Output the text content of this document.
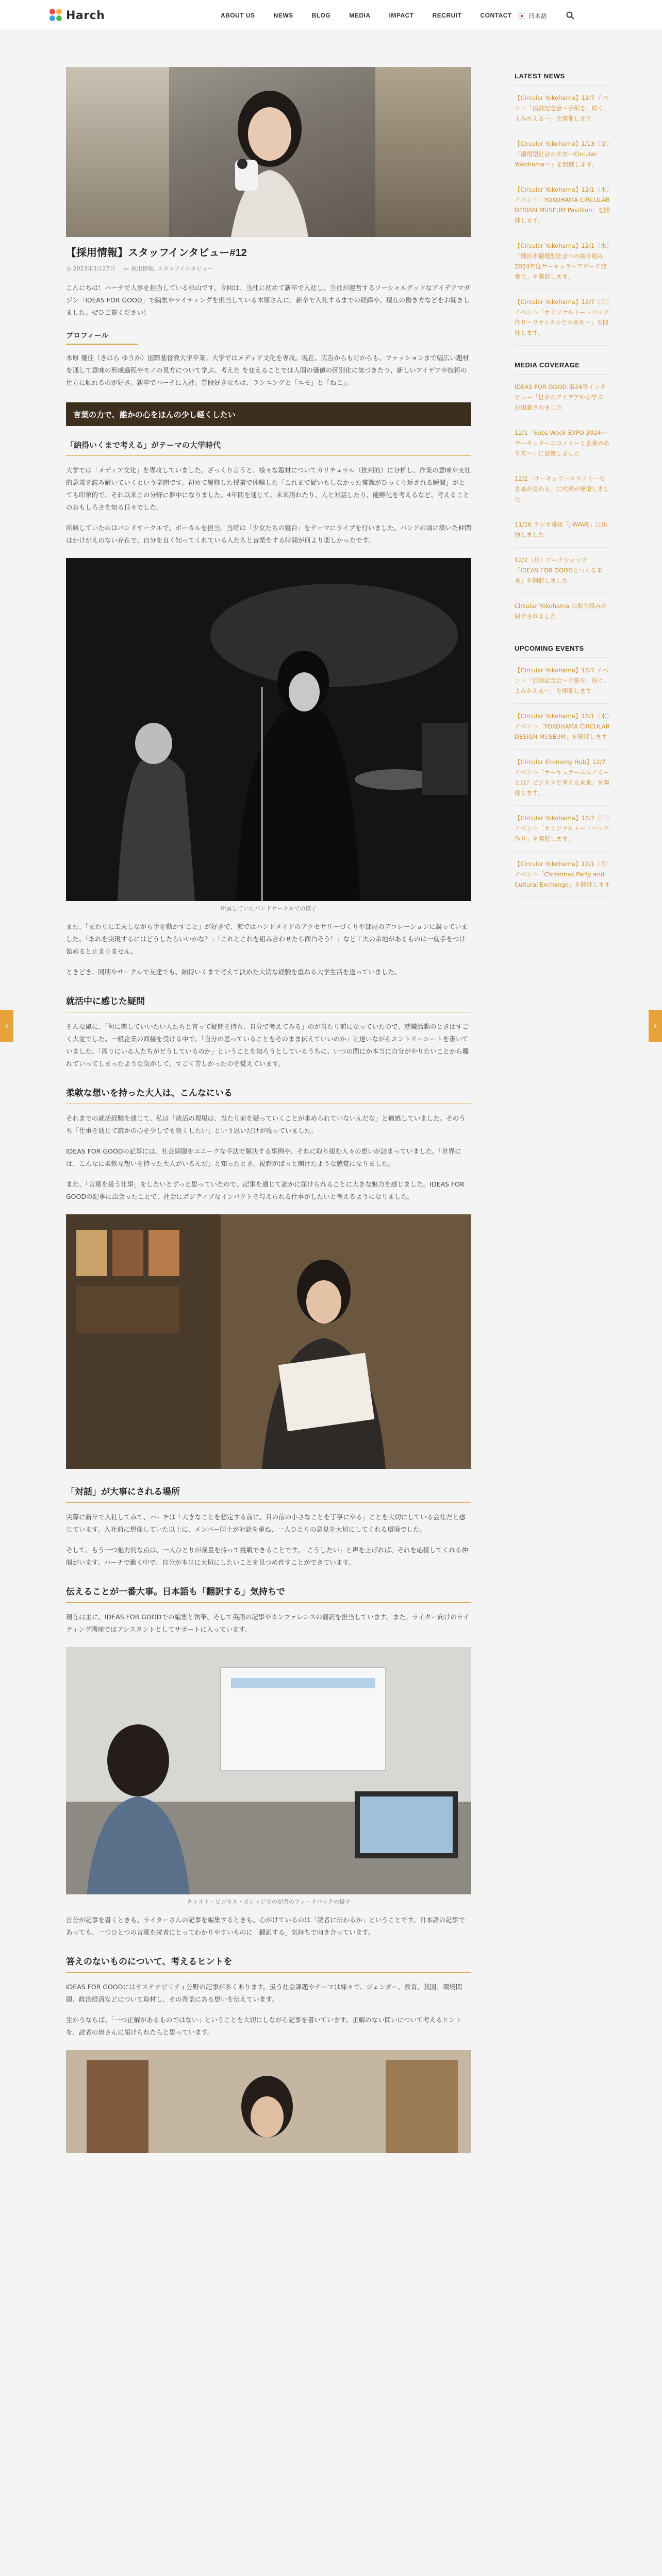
Harch	ABOUT US	NEWS	BLOG	MEDIA	IMPACT	RECRUIT	CONTACT	日本語
‹	›
【採用情報】スタッフインタビュー#12
◷ 2023年3月27日 ▭ 採用情報, スタッフインタビュー

こんにちは！ハーチで人事を担当している杉山です。今回は、当社に初めて新卒で入社し、当社が運営するソーシャルグッドなアイデアマガジン「IDEAS FOR GOOD」で編集やライティングを担当している木原さんに、新卒で入社するまでの経緯や、現在の働き方などをお聞きしました。ぜひご覧ください！

プロフィール

木原 優佳（きはら ゆうか）国際基督教大学卒業。大学ではメディア文化を専攻。現在、広告からも町からも、ファッションまで幅広い題材を通して意味の形成過程やモノの見方について学ぶ。考えた を変えることでは人間の価値の区別化に気づきたり、新しいアイデアや技術の仕方に触れるのが好き。新卒でハーチに入社。普段好きなもは、ランニングと「エモ」と「ねこ」。

言葉の力で、誰かの心をほんの少し軽くしたい
「納得いくまで考える」がテーマの大学時代

大学では「メディア文化」を専攻していました。ざっくり言うと、様々な題材についてカリチュラル（批判的）に分析し、作業の意味や支社的意義を読み解いていくという学問です。初めて履修した授業で体験した「これまで疑いもしなかった常識がひっくり返される瞬間」がとても印象的で、それ以来この分野に夢中になりました。4年間を通じて、未来語れたり、人と対話したり、能孵化を考えるなど、考えることのおもしろさを知る日々でした。

所属していたのはバンドサークルで、ボーカルを担当。当時は「少女たちの寝台」をテーマにライブを行いました。バンドの頃に築いた仲間はかけがえのない存在で、自分を良く知ってくれている人たちと音楽をする時間が何より楽しかったです。

所属していたバンドサークルでの様子

また、「まわりに工夫しながら手を動かすこと」が好きで、家ではハンドメイドのアクセサリーづくりや部屋のデコレーションに凝っていました。「あれを実現するにはどうしたらいいかな？」「これとこれを組み合わせたら面白そう！」など工夫の余地があるものは一度手をつけ始めると止まりません。

ときどき、同期やサークルで友達でも、納得いくまで考えて決めた大切な経験を重ねる大学生活を送っていました。

就活中に感じた疑問

そんな風に、「何に関していいたい人たちと言って疑問を持ち、自分で考えてみる」のが当たり前になっていたので、就職活動のときはすごく大変でした。一般企業の面接を受ける中で、「自分の思っていることをそのまま伝えていいのか」と迷いながらエントリーシートを書いていました。「周りにいる人たちがどうしているのか」ということを知ろうとしているうちに、いつの間にか本当に自分がやりたいことから離れていってしまったような気がして、すごく苦しかったのを覚えています。

柔軟な想いを持った大人は、こんなにいる

それまでの就活経験を通じて、私は「就活の現場は、当たり前を疑っていくことが求められていないんだな」と痛感していました。そのうち「仕事を通じて誰かの心を少しでも軽くしたい」という思いだけが残っていました。

IDEAS FOR GOODの記事には、社会問題をユニークな手法で解決する事例や、それに取り組む人々の想いが詰まっていました。「世界には、こんなに柔軟な想いを持った大人がいるんだ」と知ったとき、視野がぱっと開けたような感覚になりました。

また、「言葉を扱う仕事」をしたいとずっと思っていたので、記事を通じて誰かに届けられることに大きな魅力を感じました。IDEAS FOR GOODの記事に出会ったことで、社会にポジティブなインパクトを与えられる仕事がしたいと考えるようになりました。

「対話」が大事にされる場所

実際に新卒で入社してみて、ハーチは「大きなことを想定する前に、目の前の小さなことを丁寧にやる」ことを大切にしている会社だと感じています。入社前に想像していた以上に、メンバー同士が対話を重ね、一人ひとりの意見を大切にしてくれる環境でした。

そして、もう一つ魅力的な点は、一人ひとりが裁量を持って挑戦できることです。「こうしたい」と声を上げれば、それを応援してくれる仲間がいます。ハーチで働く中で、自分が本当に大切にしたいことを見つめ直すことができています。

伝えることが一番大事。日本語も「翻訳する」気持ちで

現在は主に、IDEAS FOR GOODでの編集と執筆、そして英語の記事やカンファレンスの翻訳を担当しています。また、ライター向けのライティング講座ではアシスタントとしてサポートに入っています。

キャスト・ビジネス・カレッジでの記者のフィードバックの様子

自分が記事を書くときも、ライターさんの記事を編集するときも、心がけているのは「読者に伝わるか」ということです。日本語の記事であっても、一つひとつの言葉を読者にとってわかりやすいものに「翻訳する」気持ちで向き合っています。

答えのないものについて、考えるヒントを

IDEAS FOR GOODにはサステナビリティ分野の記事が多くあります。扱う社会課題やテーマは様々で、ジェンダー、教育、貧困、環境問題、政治経済などについて取材し、その背景にある想いを伝えています。

生かうならば、「一つ正解があるものではない」ということを大切にしながら記事を書いています。正解のない問いについて考えるヒントを、読者の皆さんに届けられたらと思っています。

LATEST NEWS
【Circular Yokohama】12/7 イベント「活動記念会〜手紙を、紡ぐ、よみかえる〜」を開催します
【Circular Yokohama】1/13（金）「循環型社会の未来〜Circular Yokohama〜」を開催します。
【Circular Yokohama】12/1（木）イベント「YOKOHAMA CIRCULAR DESIGN MUSEUM Pavillion」を開催します。
【Circular Yokohama】12/1（水）「横浜市循環型社会への取り組み2024年度サーキュラーアワード発表会」を開催します。
【Circular Yokohama】12/7（日）イベント「オリジナルトートバッグ作り〜リサイクルで未来を〜」を開催します。
MEDIA COVERAGE
IDEAS FOR GOOD 第24号インタビュー「世界のアイデアから学ぶ」が掲載されました
12/1「Sobs Week EXPO 2024〜サーキュラーエコノミーと企業のあり方〜」に登壇しました
12/2「サーキュラーエコノミーで企業が変わる」に代表が登壇しました
11/16 ラジオ番組「J-WAVE」に出演しました
12/2（月）ワークショップ「IDEAS FOR GOODとつくる未来」を開催しました
Circular Yokohama の取り組みが紹介されました
UPCOMING EVENTS
【Circular Yokohama】12/7 イベント「活動記念会〜手紙を、紡ぐ、よみかえる〜」を開催します
【Circular Yokohama】12/1（木）イベント「YOKOHAMA CIRCULAR DESIGN MUSEUM」を開催します
【Circular Economy Hub】12/7 イベント「サーキュラーエコノミーとは？ビジネスで考える未来」を開催します。
【Circular Yokohama】12/7（日）イベント「オリジナルトートバッグ作り」を開催します。
【Circular Yokohama】12/1（月）イベント「Christmas Party and Cultural Exchange」を開催します
